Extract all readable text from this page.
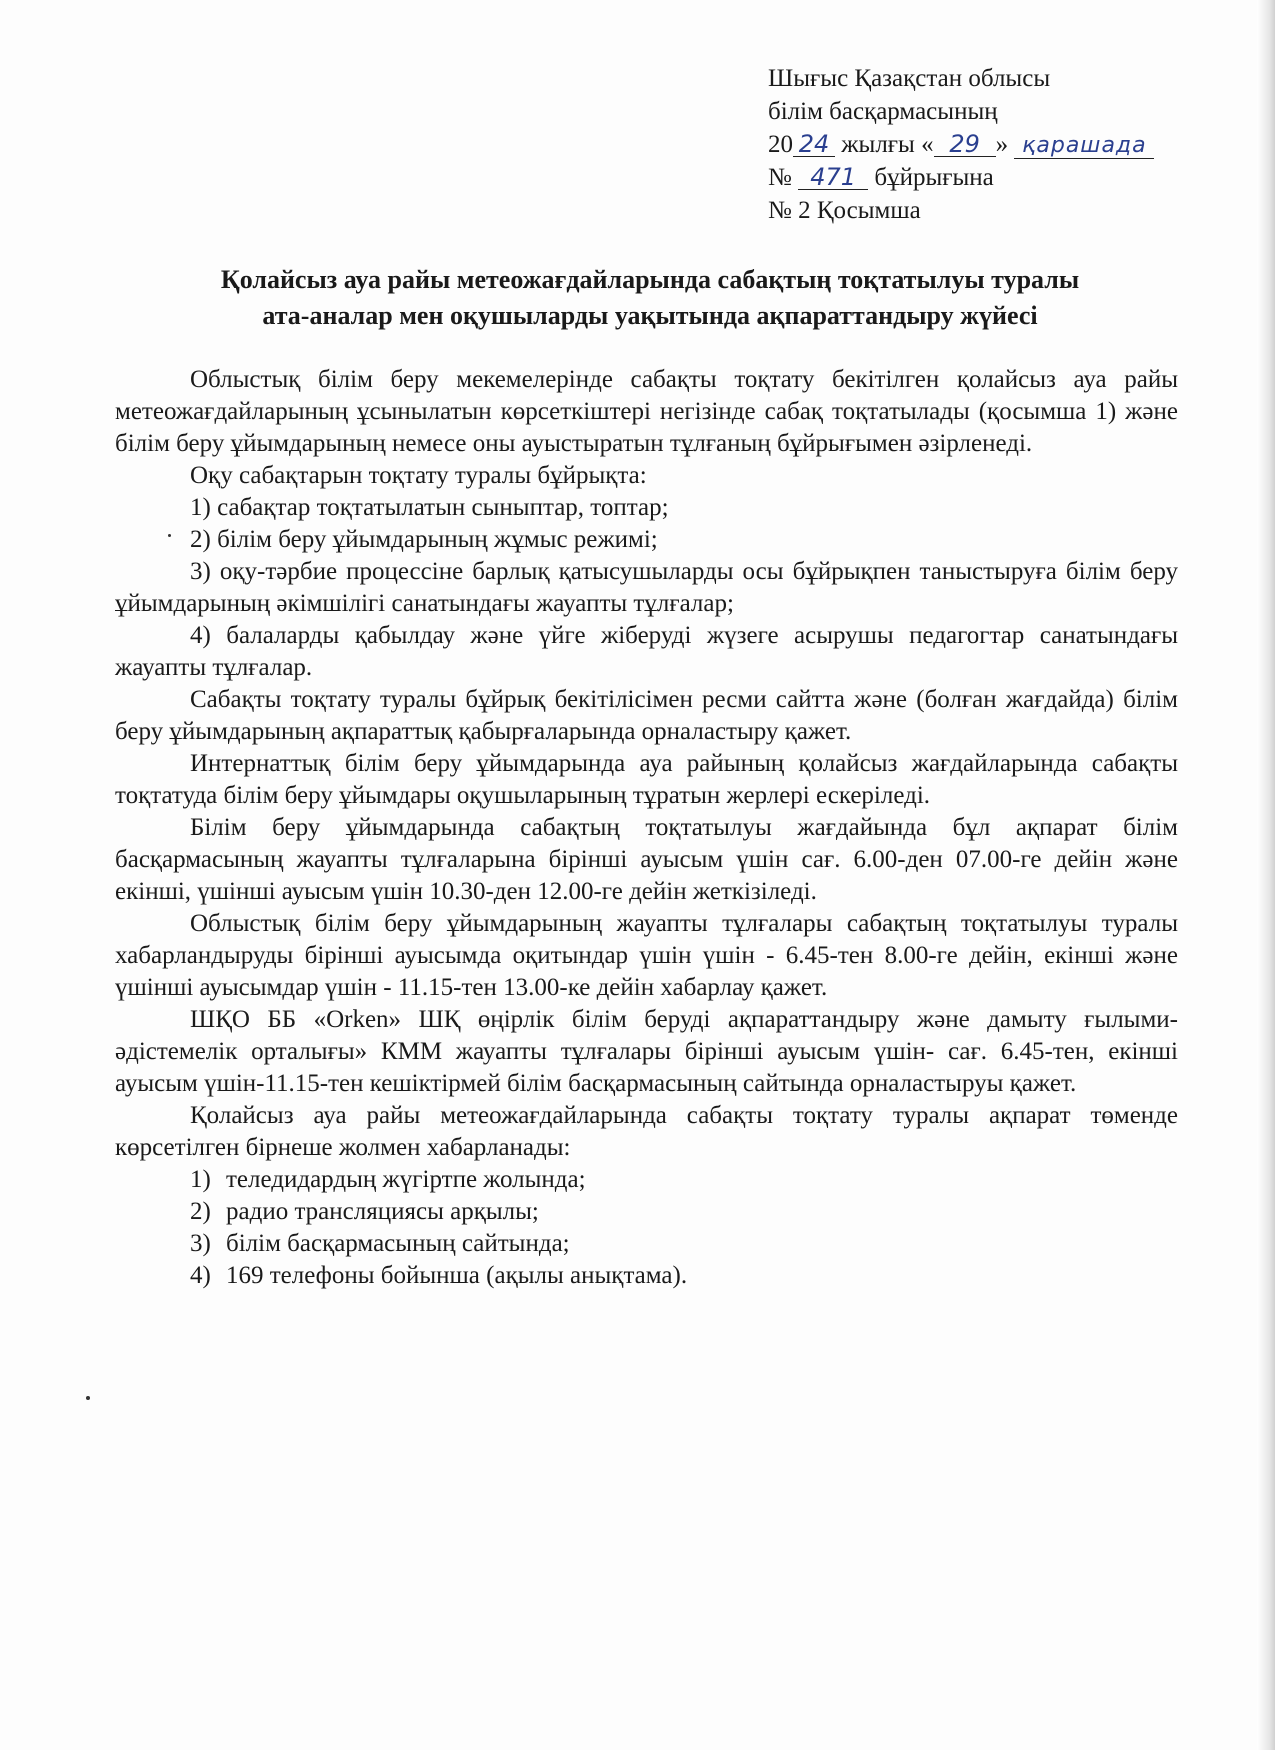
Шығыс Қазақстан облысы
білім басқармасының
20 24 жылғы « 29 » қарашада
№ 471 бұйрығына
№ 2 Қосымша
Қолайсыз ауа райы метеожағдайларында сабақтың тоқтатылуы туралы
ата-аналар мен оқушыларды уақытында ақпараттандыру жүйесі

Облыстық білім беру мекемелерінде сабақты тоқтату бекітілген қолайсыз ауа райы метеожағдайларының ұсынылатын көрсеткіштері негізінде сабақ тоқтатылады (қосымша 1) және білім беру ұйымдарының немесе оны ауыстыратын тұлғаның бұйрығымен әзірленеді.

Оқу сабақтарын тоқтату туралы бұйрықта:

1) сабақтар тоқтатылатын сыныптар, топтар;

2) білім беру ұйымдарының жұмыс режимі;

3) оқу-тәрбие процессіне барлық қатысушыларды осы бұйрықпен таныстыруға білім беру ұйымдарының әкімшілігі санатындағы жауапты тұлғалар;

4) балаларды қабылдау және үйге жіберуді жүзеге асырушы педагогтар санатындағы жауапты тұлғалар.

Сабақты тоқтату туралы бұйрық бекітілісімен ресми сайтта және (болған жағдайда) білім беру ұйымдарының ақпараттық қабырғаларында орналастыру қажет.

Интернаттық білім беру ұйымдарында ауа райының қолайсыз жағдайларында сабақты тоқтатуда білім беру ұйымдары оқушыларының тұратын жерлері ескеріледі.

Білім беру ұйымдарында сабақтың тоқтатылуы жағдайында бұл ақпарат білім басқармасының жауапты тұлғаларына бірінші ауысым үшін сағ. 6.00-ден 07.00-ге дейін және екінші, үшінші ауысым үшін 10.30-ден 12.00-ге дейін жеткізіледі.

Облыстық білім беру ұйымдарының жауапты тұлғалары сабақтың тоқтатылуы туралы хабарландыруды бірінші ауысымда оқитындар үшін үшін - 6.45-тен 8.00-ге дейін, екінші және үшінші ауысымдар үшін - 11.15-тен 13.00-ке дейін хабарлау қажет.

ШҚО ББ «Orken» ШҚ өңірлік білім беруді ақпараттандыру және дамыту ғылыми-әдістемелік орталығы» КММ жауапты тұлғалары бірінші ауысым үшін- сағ. 6.45-тен, екінші ауысым үшін-11.15-тен кешіктірмей білім басқармасының сайтында орналастыруы қажет.

Қолайсыз ауа райы метеожағдайларында сабақты тоқтату туралы ақпарат төменде көрсетілген бірнеше жолмен хабарланады:

1) теледидардың жүгіртпе жолында;
2) радио трансляциясы арқылы;
3) білім басқармасының сайтында;
4) 169 телефоны бойынша (ақылы анықтама).
